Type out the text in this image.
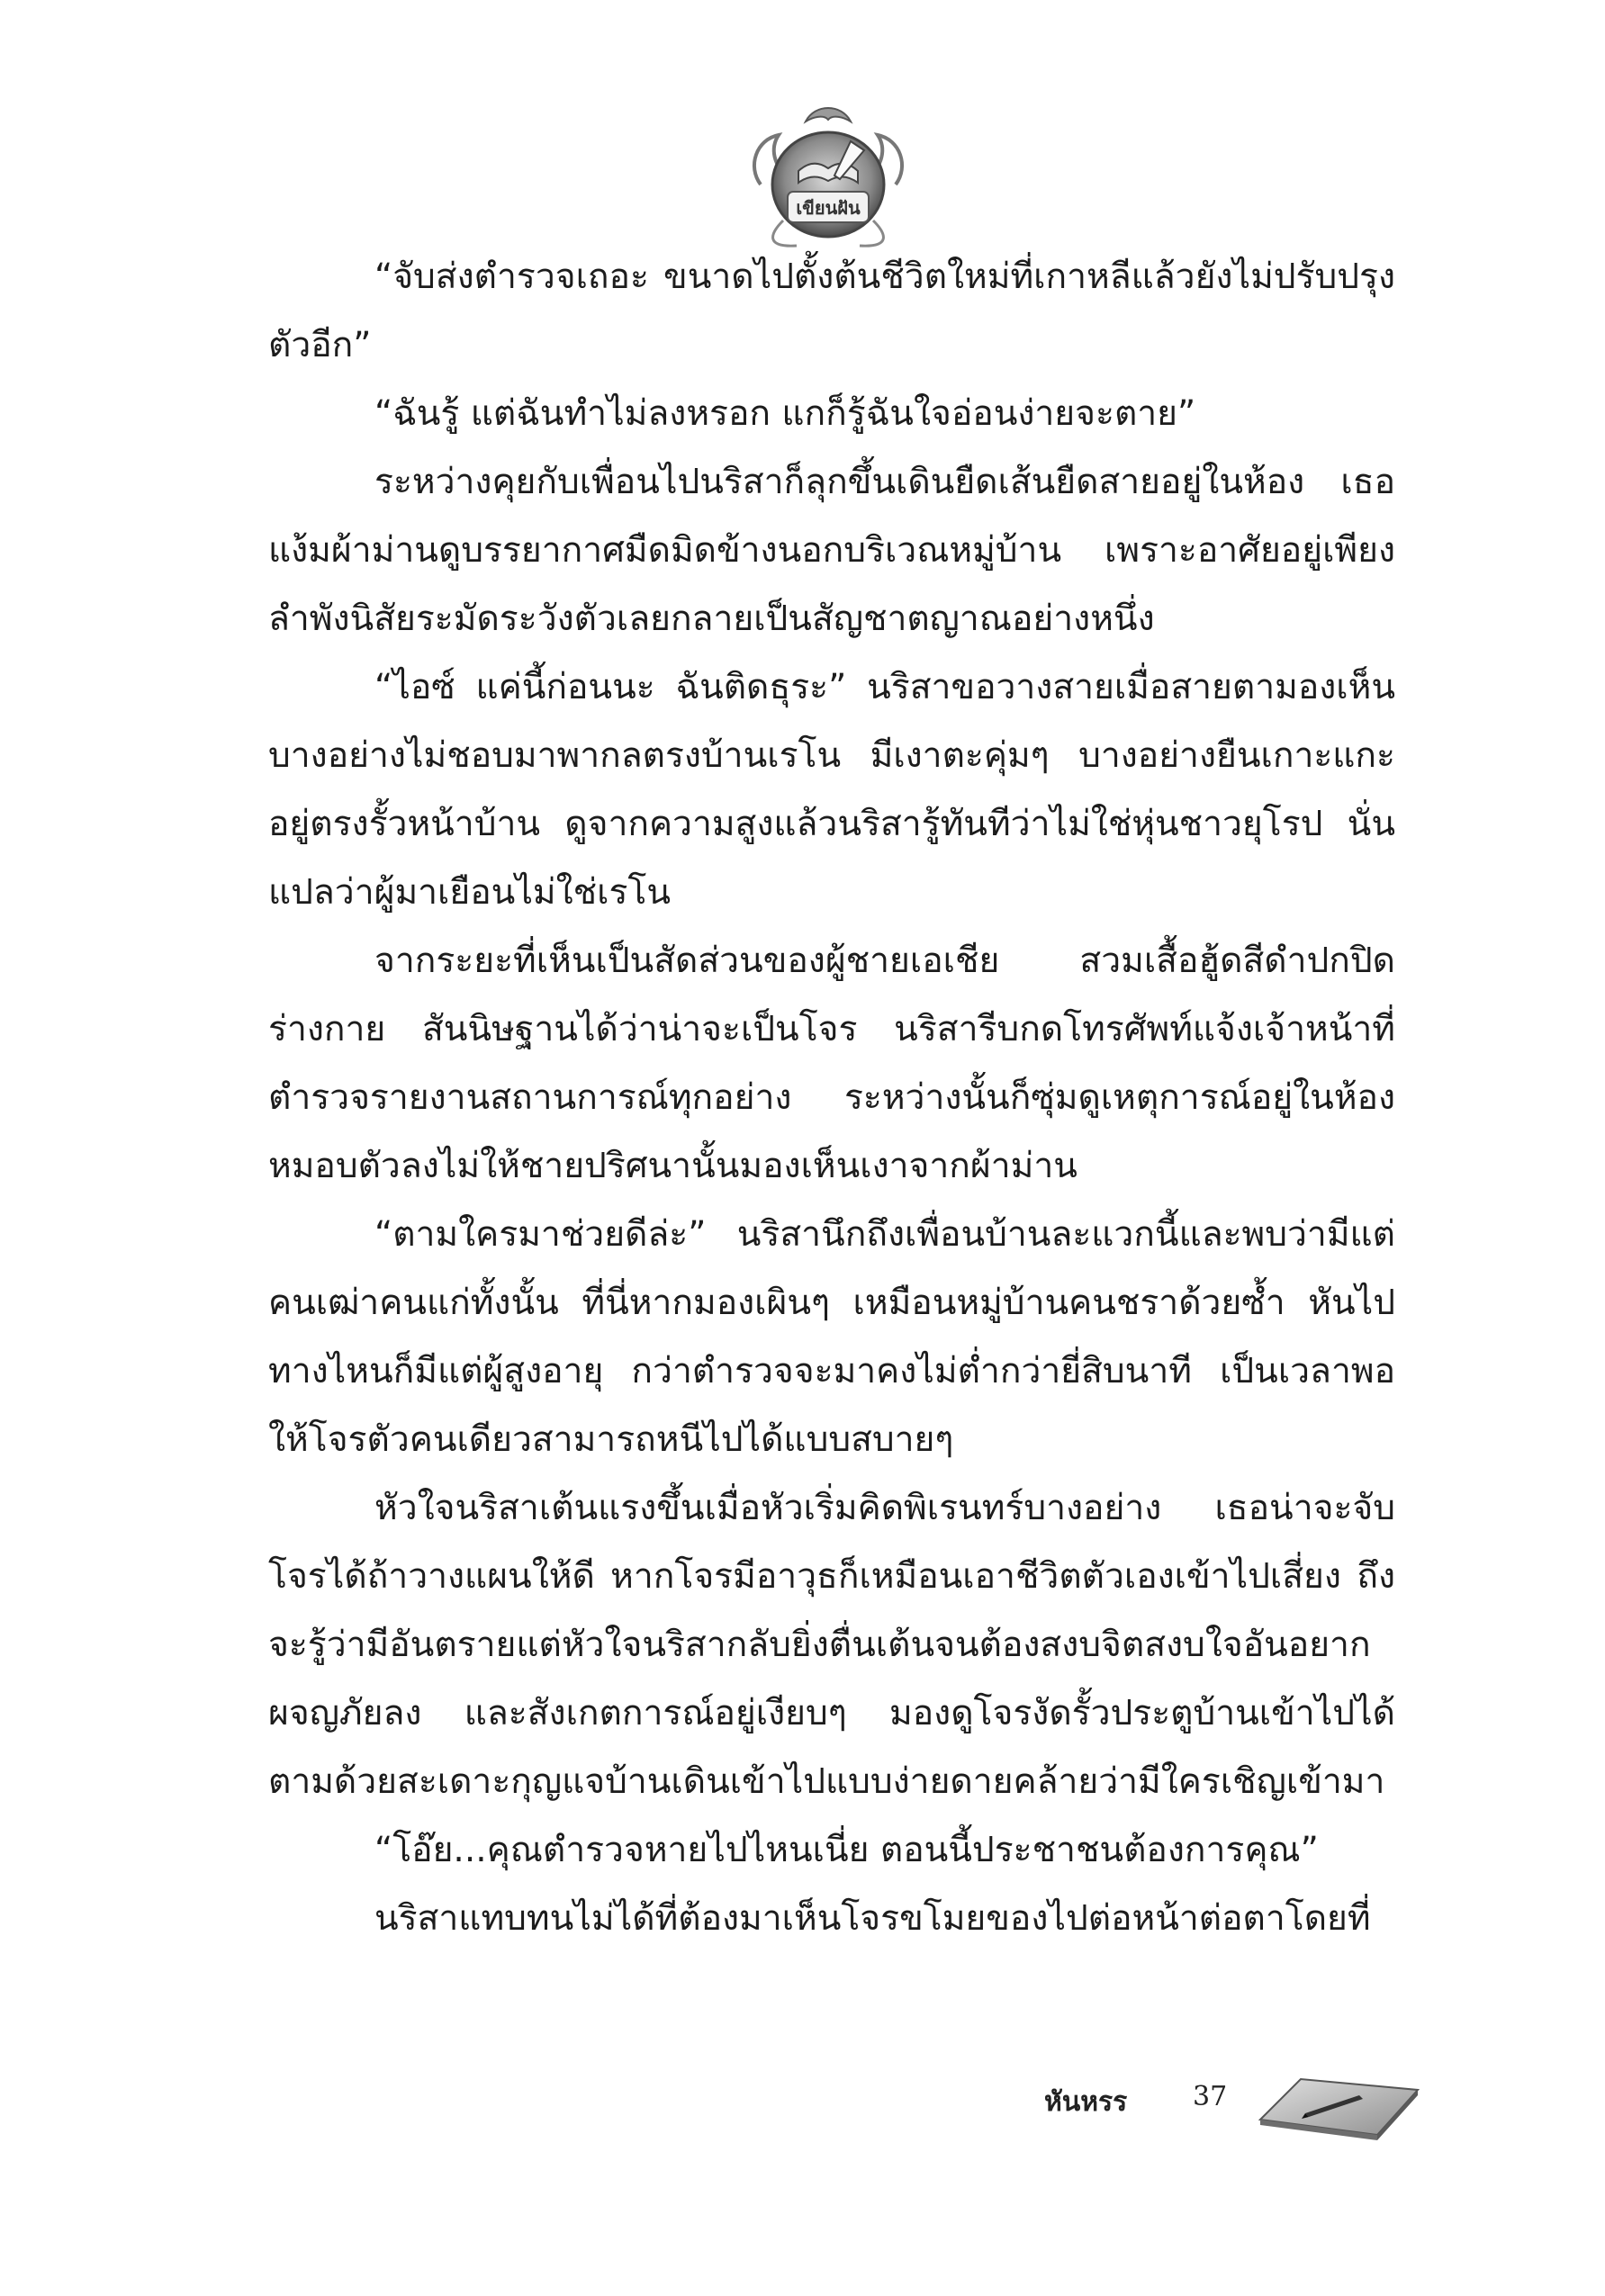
เขียนฝัน

“จับส่งตำรวจเถอะ ขนาดไปตั้งต้นชีวิตใหม่ที่เกาหลีแล้วยังไม่ปรับปรุงตัวอีก”

“ฉันรู้ แต่ฉันทำไม่ลงหรอก แกก็รู้ฉันใจอ่อนง่ายจะตาย”

ระหว่างคุยกับเพื่อนไปนริสาก็ลุกขึ้นเดินยืดเส้นยืดสายอยู่ในห้อง เธอแง้มผ้าม่านดูบรรยากาศมืดมิดข้างนอกบริเวณหมู่บ้าน เพราะอาศัยอยู่เพียงลำพังนิสัยระมัดระวังตัวเลยกลายเป็นสัญชาตญาณอย่างหนึ่ง

“ไอซ์ แค่นี้ก่อนนะ ฉันติดธุระ” นริสาขอวางสายเมื่อสายตามองเห็นบางอย่างไม่ชอบมาพากลตรงบ้านเรโน มีเงาตะคุ่มๆ บางอย่างยืนเกาะแกะอยู่ตรงรั้วหน้าบ้าน ดูจากความสูงแล้วนริสารู้ทันทีว่าไม่ใช่หุ่นชาวยุโรป นั่นแปลว่าผู้มาเยือนไม่ใช่เรโน

จากระยะที่เห็นเป็นสัดส่วนของผู้ชายเอเชีย สวมเสื้อฮู้ดสีดำปกปิดร่างกาย สันนิษฐานได้ว่าน่าจะเป็นโจร นริสารีบกดโทรศัพท์แจ้งเจ้าหน้าที่ตำรวจรายงานสถานการณ์ทุกอย่าง ระหว่างนั้นก็ซุ่มดูเหตุการณ์อยู่ในห้องหมอบตัวลงไม่ให้ชายปริศนานั้นมองเห็นเงาจากผ้าม่าน

“ตามใครมาช่วยดีล่ะ” นริสานึกถึงเพื่อนบ้านละแวกนี้และพบว่ามีแต่คนเฒ่าคนแก่ทั้งนั้น ที่นี่หากมองเผินๆ เหมือนหมู่บ้านคนชราด้วยซ้ำ หันไปทางไหนก็มีแต่ผู้สูงอายุ กว่าตำรวจจะมาคงไม่ต่ำกว่ายี่สิบนาที เป็นเวลาพอให้โจรตัวคนเดียวสามารถหนีไปได้แบบสบายๆ

หัวใจนริสาเต้นแรงขึ้นเมื่อหัวเริ่มคิดพิเรนทร์บางอย่าง เธอน่าจะจับโจรได้ถ้าวางแผนให้ดี หากโจรมีอาวุธก็เหมือนเอาชีวิตตัวเองเข้าไปเสี่ยง ถึงจะรู้ว่ามีอันตรายแต่หัวใจนริสากลับยิ่งตื่นเต้นจนต้องสงบจิตสงบใจอันอยากผจญภัยลง และสังเกตการณ์อยู่เงียบๆ มองดูโจรงัดรั้วประตูบ้านเข้าไปได้ ตามด้วยสะเดาะกุญแจบ้านเดินเข้าไปแบบง่ายดายคล้ายว่ามีใครเชิญเข้ามา

“โอ๊ย...คุณตำรวจหายไปไหนเนี่ย ตอนนี้ประชาชนต้องการคุณ”

นริสาแทบทนไม่ได้ที่ต้องมาเห็นโจรขโมยของไปต่อหน้าต่อตาโดยที่

หันหรร 37
